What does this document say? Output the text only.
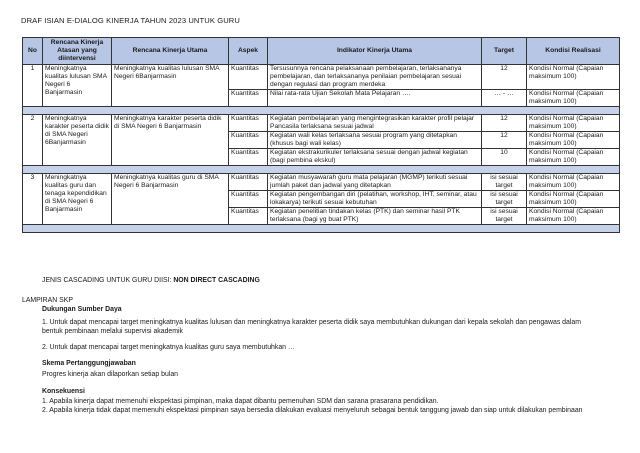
DRAF ISIAN E-DIALOG KINERJA TAHUN 2023 UNTUK GURU
No	Rencana Kinerja Atasan yang diintervensi	Rencana Kinerja Utama	Aspek	Indikator Kinerja Utama	Target	Kondisi Realisasi
1	Meningkatnya kualitas lulusan SMA Negeri 6 Banjarmasin	Meningkatnya kualitas lulusan SMA Negeri 6Banjarmasin	Kuantitas	Tersusunnya rencana pelaksanaan pembelajaran, terlaksananya pembelajaran, dan terlaksananya penilaian pembelajaran sesuai dengan regulasi dan program merdeka	12	Kondisi Normal (Capaian maksimum 100)
			Kuantitas	Nilai rata-rata Ujian Sekolah Mata Pelajaran ….	… - …	Kondisi Normal (Capaian maksimum 100)

2	Meningkatnya karakter peserta didik di SMA Negeri 6Banjarmasin	Meningkatnya karakter peserta didik di SMA Negeri 6 Banjarmasin	Kuantitas	Kegiatan pembelajaran yang mengintegrasikan karakter profil pelajar Pancasila terlaksana sesuai jadwal	12	Kondisi Normal (Capaian maksimum 100)
			Kuantitas	Kegiatan wali kelas terlaksana sesuai program yang ditetapkan (khusus bagi wali kelas)	12	Kondisi Normal (Capaian maksimum 100)
			Kuantitas	Kegiatan ekstrakurikuler terlaksana sesuai dengan jadwal kegiatan (bagi pembina ekskul)	10	Kondisi Normal (Capaian maksimum 100)

3	Meningkatnya kualitas guru dan tenaga kependidikan di SMA Negeri 6 Banjarmasin	Meningkatnya kualitas guru di SMA Negeri 6 Banjarmasin	Kuantitas	Kegiatan musyawarah guru mata pelajaran (MGMP) terikuti sesuai jumlah paket dan jadwal yang ditetapkan	isi sesuai target	Kondisi Normal (Capaian maksimum 100)
			Kuantitas	Kegiatan pengembangan diri (pelatihan, workshop, IHT, seminar, atau lokakarya) terikuti sesuai kebutuhan	isi sesuai target	Kondisi Normal (Capaian maksimum 100)
			Kuantitas	Kegiatan penelitian tindakan kelas (PTK) dan seminar hasil PTK terlaksana (bagi yg buat PTK)	isi sesuai target	Kondisi Normal (Capaian maksimum 100)

JENIS CASCADING UNTUK GURU DIISI: NON DIRECT CASCADING
LAMPIRAN SKP
Dukungan Sumber Daya
1. Untuk dapat mencapai target meningkatnya kualitas lulusan dan meningkatnya karakter peserta didik saya membutuhkan dukungan dari kepala sekolah dan pengawas dalam
bentuk pembinaan melalui supervisi akademik
2. Untuk dapat mencapai target meningkatnya kualitas guru saya membutuhkan …
Skema Pertanggungjawaban
Progres kinerja akan dilaporkan setiap bulan
Konsekuensi
1. Apabila kinerja dapat memenuhi ekspektasi pimpinan, maka dapat dibantu pemenuhan SDM dan sarana prasarana pendidikan.
2. Apabila kinerja tidak dapat memenuhi ekspektasi pimpinan saya bersedia dilakukan evaluasi menyeluruh sebagai bentuk tanggung jawab dan siap untuk dilakukan pembinaan
